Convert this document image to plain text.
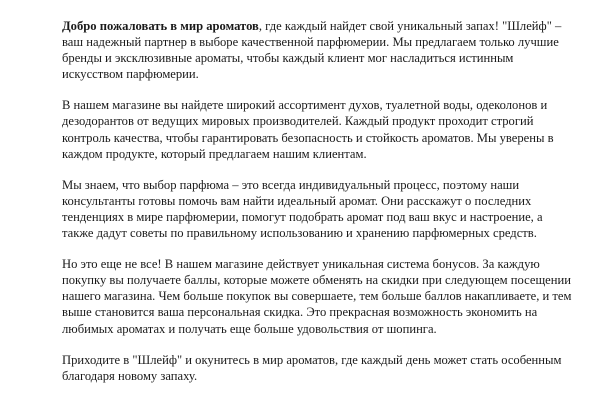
Добро пожаловать в мир ароматов, где каждый найдет свой уникальный запах! "Шлейф" – ваш надежный партнер в выборе качественной парфюмерии. Мы предлагаем только лучшие бренды и эксклюзивные ароматы, чтобы каждый клиент мог насладиться истинным искусством парфюмерии.

В нашем магазине вы найдете широкий ассортимент духов, туалетной воды, одеколонов и дезодорантов от ведущих мировых производителей. Каждый продукт проходит строгий контроль качества, чтобы гарантировать безопасность и стойкость ароматов. Мы уверены в каждом продукте, который предлагаем нашим клиентам.

Мы знаем, что выбор парфюма – это всегда индивидуальный процесс, поэтому наши консультанты готовы помочь вам найти идеальный аромат. Они расскажут о последних тенденциях в мире парфюмерии, помогут подобрать аромат под ваш вкус и настроение, а также дадут советы по правильному использованию и хранению парфюмерных средств.

Но это еще не все! В нашем магазине действует уникальная система бонусов. За каждую покупку вы получаете баллы, которые можете обменять на скидки при следующем посещении нашего магазина. Чем больше покупок вы совершаете, тем больше баллов накапливаете, и тем выше становится ваша персональная скидка. Это прекрасная возможность экономить на любимых ароматах и получать еще больше удовольствия от шопинга.

Приходите в "Шлейф" и окунитесь в мир ароматов, где каждый день может стать особенным благодаря новому запаху.
